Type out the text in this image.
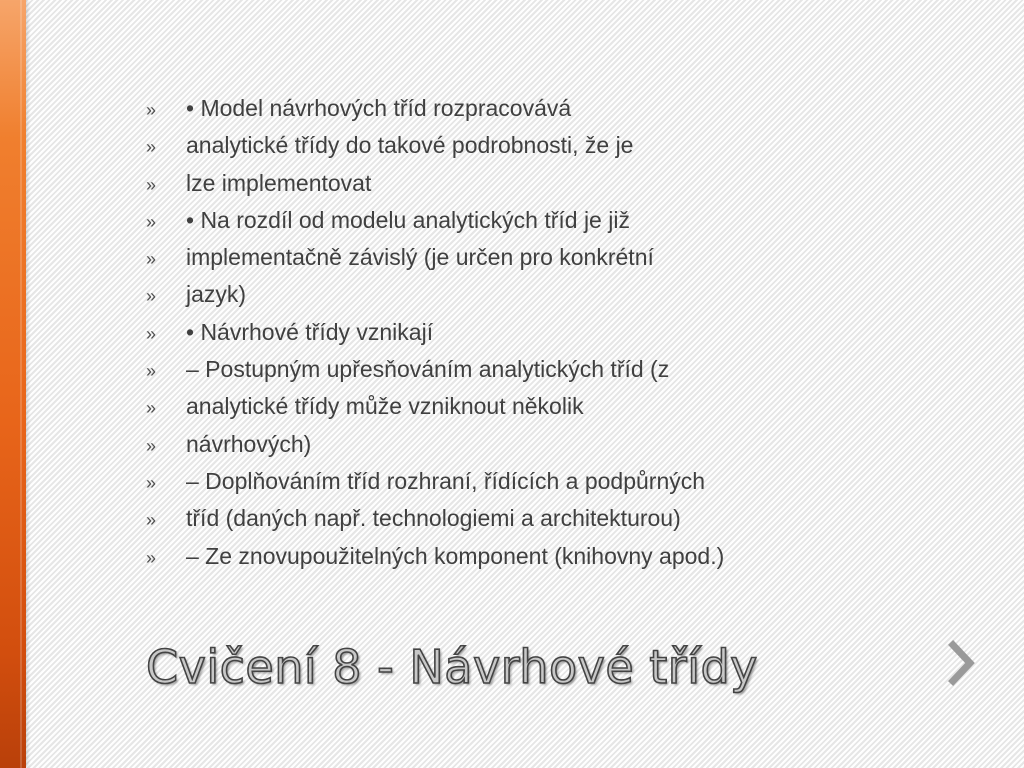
»	• Model návrhových tříd rozpracovává
»	analytické třídy do takové podrobnosti, že je
»	lze implementovat
»	• Na rozdíl od modelu analytických tříd je již
»	implementačně závislý (je určen pro konkrétní
»	jazyk)
»	• Návrhové třídy vznikají
»	– Postupným upřesňováním analytických tříd (z
»	analytické třídy může vzniknout několik
»	návrhových)
»	– Doplňováním tříd rozhraní, řídících a podpůrných
»	tříd (daných např. technologiemi a architekturou)
»	– Ze znovupoužitelných komponent (knihovny apod.)
Cvičení 8 - Návrhové třídy
